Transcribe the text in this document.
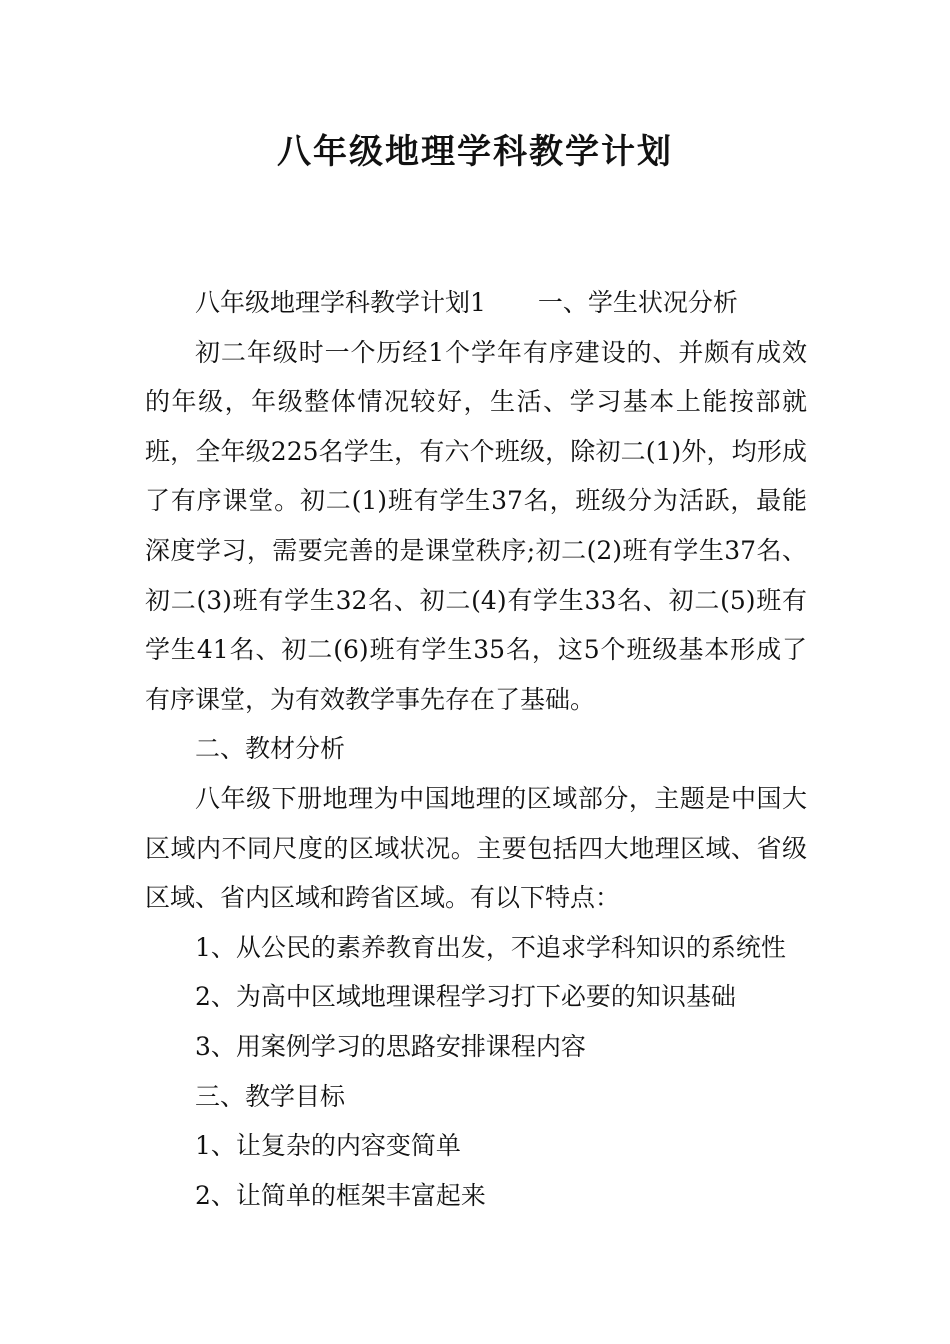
八年级地理学科教学计划

八年级地理学科教学计划1 一、学生状况分析

初二年级时一个历经1个学年有序建设的、并颇有成效的年级，年级整体情况较好，生活、学习基本上能按部就班，全年级225名学生，有六个班级，除初二(1)外，均形成了有序课堂。初二(1)班有学生37名，班级分为活跃，最能深度学习，需要完善的是课堂秩序;初二(2)班有学生37名、初二(3)班有学生32名、初二(4)有学生33名、初二(5)班有学生41名、初二(6)班有学生35名，这5个班级基本形成了有序课堂，为有效教学事先存在了基础。

二、教材分析

八年级下册地理为中国地理的区域部分，主题是中国大区域内不同尺度的区域状况。主要包括四大地理区域、省级区域、省内区域和跨省区域。有以下特点：

1、从公民的素养教育出发，不追求学科知识的系统性

2、为高中区域地理课程学习打下必要的知识基础

3、用案例学习的思路安排课程内容

三、教学目标

1、让复杂的内容变简单

2、让简单的框架丰富起来
